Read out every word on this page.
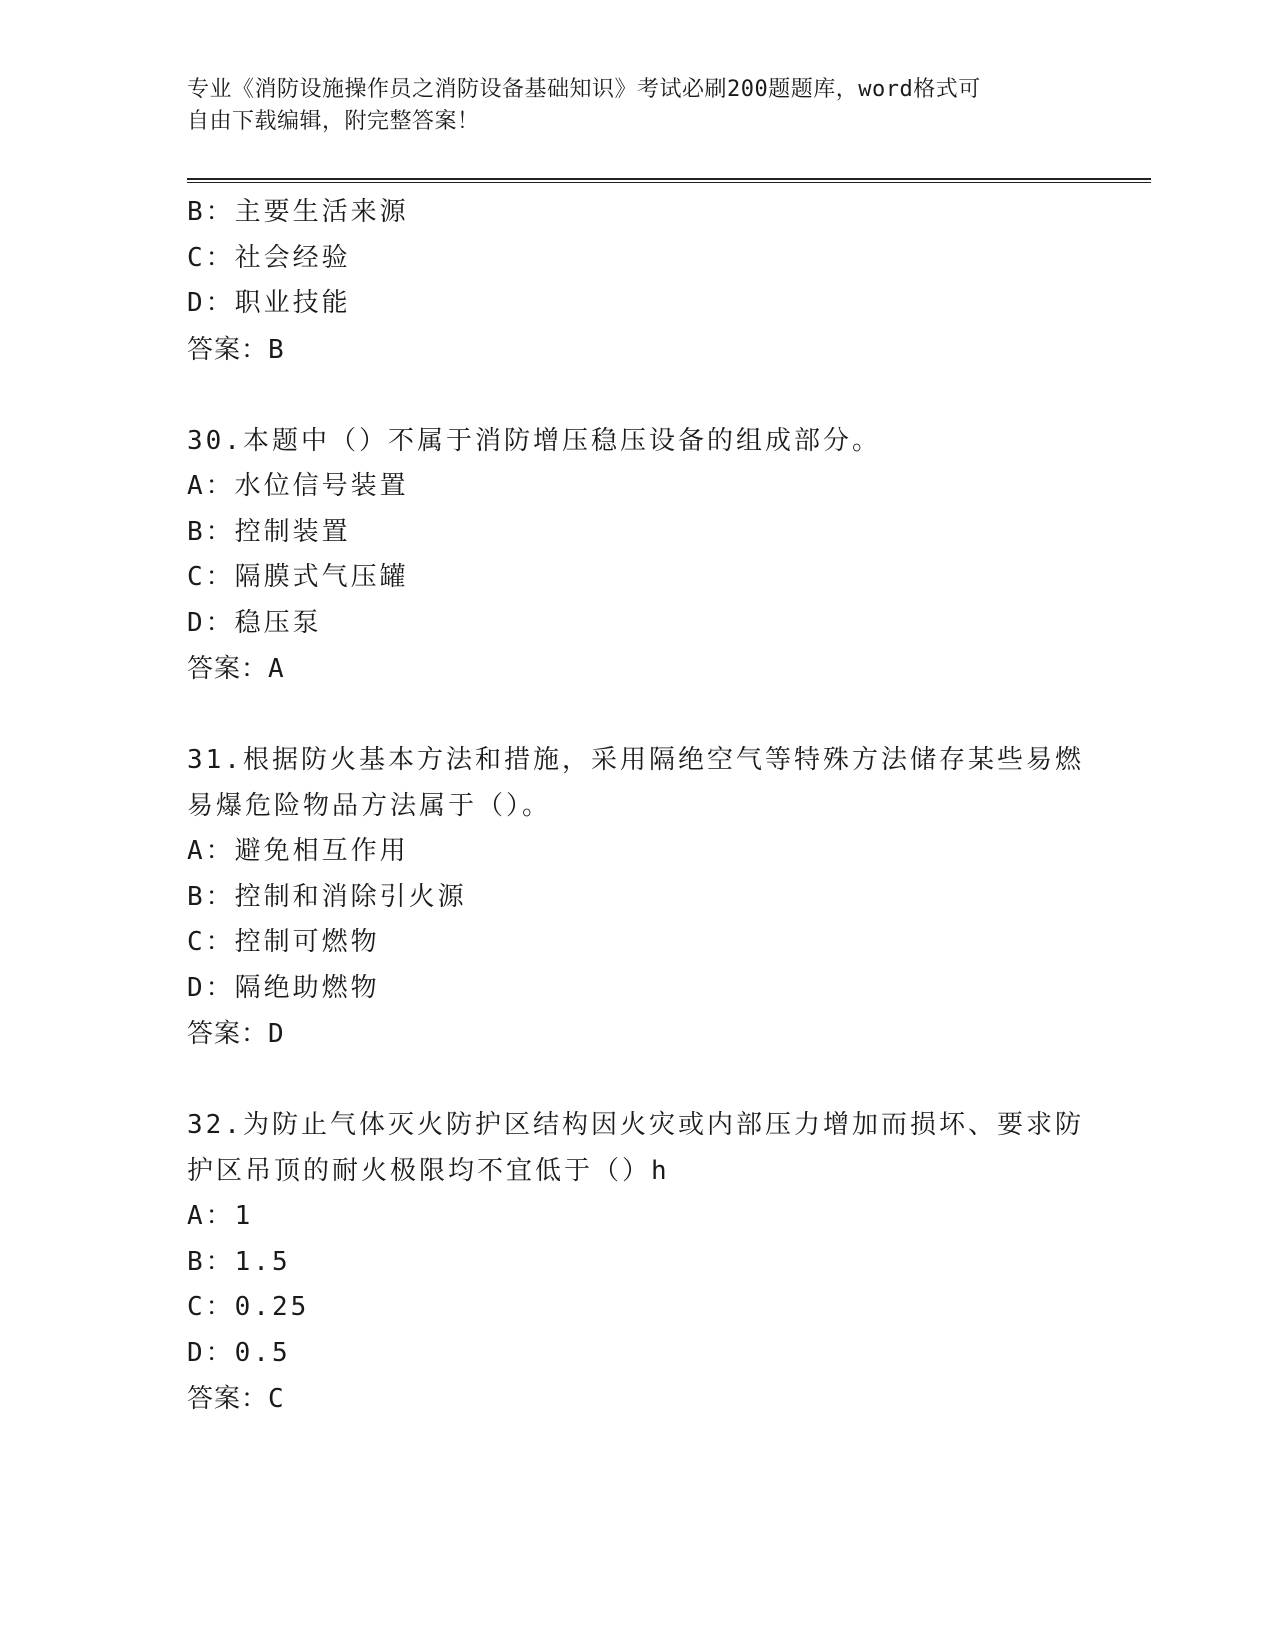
专业《消防设施操作员之消防设备基础知识》考试必刷200题题库，word格式可
自由下载编辑，附完整答案！
B：主要生活来源
C：社会经验
D：职业技能
答案：B
30.本题中（）不属于消防增压稳压设备的组成部分。
A：水位信号装置
B：控制装置
C：隔膜式气压罐
D：稳压泵
答案：A
31.根据防火基本方法和措施，采用隔绝空气等特殊方法储存某些易燃
易爆危险物品方法属于（）。
A：避免相互作用
B：控制和消除引火源
C：控制可燃物
D：隔绝助燃物
答案：D
32.为防止气体灭火防护区结构因火灾或内部压力增加而损坏、要求防
护区吊顶的耐火极限均不宜低于（）h
A：1
B：1.5
C：0.25
D：0.5
答案：C
